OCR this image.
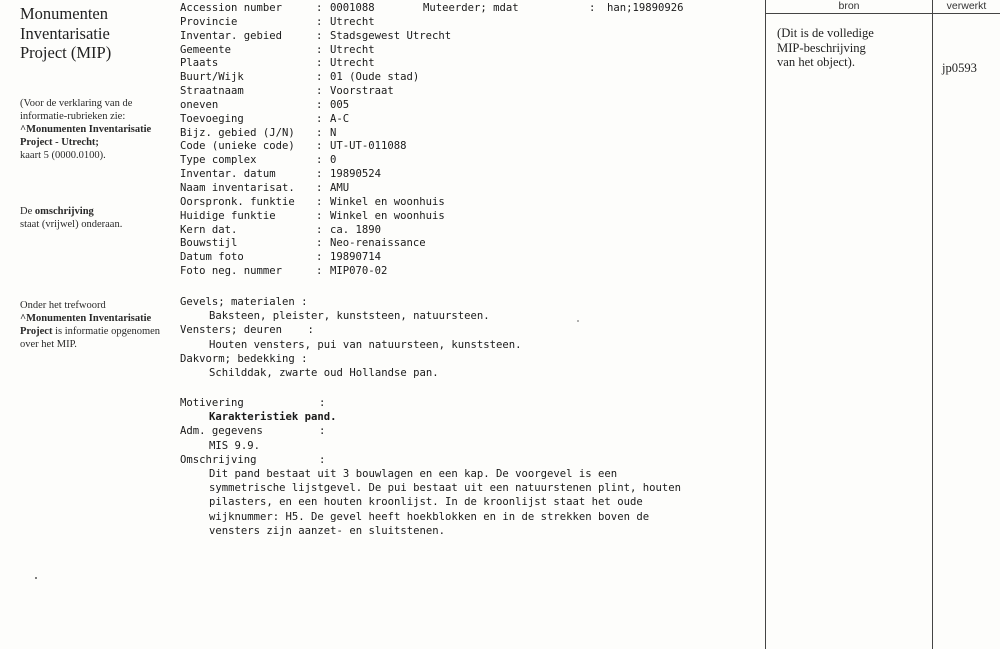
Monumenten
Inventarisatie
Project (MIP)

(Voor de verklaring van de informatie-rubrieken zie:
^Monumenten Inventarisatie Project - Utrecht;
kaart 5 (0000.0100).
De omschrijving
staat (vrijwel) onderaan.
Onder het trefwoord
^Monumenten Inventarisatie Project is informatie opgenomen over het MIP.
Accession number	: 0001088	Muteerder; mdat	: han;19890926
Provincie	: Utrecht
Inventar. gebied	: Stadsgewest Utrecht
Gemeente	: Utrecht
Plaats	: Utrecht
Buurt/Wijk	: 01 (Oude stad)
Straatnaam	: Voorstraat
oneven	: 005
Toevoeging	: A-C
Bijz. gebied (J/N)	: N
Code (unieke code)	: UT-UT-011088
Type complex	: 0
Inventar. datum	: 19890524
Naam inventarisat.	: AMU
Oorspronk. funktie	: Winkel en woonhuis
Huidige funktie	: Winkel en woonhuis
Kern dat.	: ca. 1890
Bouwstijl	: Neo-renaissance
Datum foto	: 19890714
Foto neg. nummer	: MIP070-02
Gevels; materialen :
Baksteen, pleister, kunststeen, natuursteen.
Vensters; deuren    :
Houten vensters, pui van natuursteen, kunststeen.
Dakvorm; bedekking :
Schilddak, zwarte oud Hollandse pan.
Motivering	:
Karakteristiek pand.
Adm. gegevens	:
MIS 9.9.
Omschrijving	:
Dit pand bestaat uit 3 bouwlagen en een kap. De voorgevel is een
symmetrische lijstgevel. De pui bestaat uit een natuurstenen plint, houten
pilasters, en een houten kroonlijst. In de kroonlijst staat het oude
wijknummer: H5. De gevel heeft hoekblokken en in de strekken boven de
vensters zijn aanzet- en sluitstenen.
bron	verwerkt
(Dit is de volledige
MIP-beschrijving
van het object).	jp0593
